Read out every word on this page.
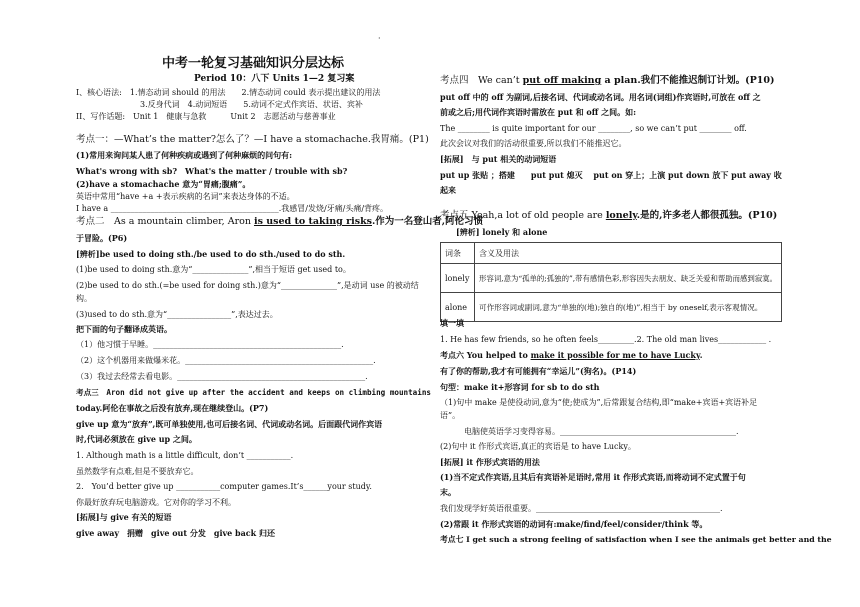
·
中考一轮复习基础知识分层达标
Period 10：八下 Units 1—2 复习案
I、核心语法:　1.情态动词 should 的用法　　2.情态动词 could 表示提出建议的用法
3.反身代词　4.动词短语　　5.动词不定式作宾语、状语、宾补
II、写作话题:　Unit 1　健康与急救　　　Unit 2　志愿活动与慈善事业
考点一：—What’s the matter?怎么了？—I have a stomachache.我胃痛。(P1)
(1)常用来询问某人患了何种疾病或遇到了何种麻烦的问句有:
What's wrong with sb?　What's the matter / trouble with sb?
(2)have a stomachache 意为“胃痛;腹痛”。
英语中常用“have +a +表示疾病的名词”来表达身体的不适。
I have a __________________________________________.我感冒/发烧/牙痛/头痛/背疼。
考点二　As a mountain climber, Aron is used to taking risks.作为一名登山者,阿伦习惯
于冒险。(P6)
[辨析]be used to doing sth./be used to do sth./used to do sth.
(1)be used to doing sth.意为“______________”,相当于短语 get used to。
(2)be used to do sth.(=be used for doing sth.)意为“______________”,是动词 use 的被动结
构。
(3)used to do sth.意为“________________”,表达过去。
把下面的句子翻译成英语。
（1）他习惯于早睡。_______________________________________________.
（2）这个机器用来做爆米花。_______________________________________________.
（3）我过去经常去看电影。_______________________________________________.
考点三　Aron did not give up after the accident and keeps on climbing mountains
today.阿伦在事故之后没有放弃,现在继续登山。(P7)
give up 意为“放弃”,既可单独使用,也可后接名词、代词或动名词。后面跟代词作宾语
时,代词必须放在 give up 之间。
1. Although math is a little difficult, don’t ___________.
虽然数学有点难,但是不要放弃它。
2.　You’d better give up ___________computer games.It’s______your study.
你最好放弃玩电脑游戏。它对你的学习不利。
[拓展]与 give 有关的短语
give away　捐赠　give out 分发　give back 归还
考点四　We can’t put off making a plan.我们不能推迟制订计划。(P10)
put off 中的 off 为副词,后接名词、代词或动名词。用名词(词组)作宾语时,可放在 off 之
前或之后;用代词作宾语时需放在 put 和 off 之间。如:
The ________ is quite important for our ________, so we can’t put ________ off.
此次会议对我们的活动很重要,所以我们不能推迟它。
[拓展]　与 put 相关的动词短语
put up 张贴 ；搭建　　put put 熄灭　 put on 穿上；上演 put down 放下 put away 收
起来
考点五 Yeah,a lot of old people are lonely.是的,许多老人都很孤独。(P10)
[辨析] lonely 和 alone
词条	含义及用法
lonely	形容词,意为“孤单的;孤独的”,带有感情色彩,形容因失去朋友、缺乏关爱和帮助而感到寂寞。
alone	可作形容词或副词,意为“单独的(地);独自的(地)”,相当于 by oneself,表示客观情况。
填一填
1. He has few friends, so he often feels_________.2. The old man lives____________ .
考点六 You helped to make it possible for me to have Lucky.
有了你的帮助,我才有可能拥有“幸运儿”(狗名)。(P14)
句型：make it+形容词 for sb to do sth
（1)句中 make 是使役动词,意为“使;使成为”,后常跟复合结构,即“make+宾语+宾语补足
语”。
电脑使英语学习变得容易。____________________________________________.
(2)句中 it 作形式宾语,真正的宾语是 to have Lucky。
[拓展] it 作形式宾语的用法
(1)当不定式作宾语,且其后有宾语补足语时,常用 it 作形式宾语,而将动词不定式置于句
末。
我们发现学好英语很重要。______________________________________________.
(2)常跟 it 作形式宾语的动词有:make/find/feel/consider/think 等。
考点七 I get such a strong feeling of satisfaction when I see the animals get better and the
